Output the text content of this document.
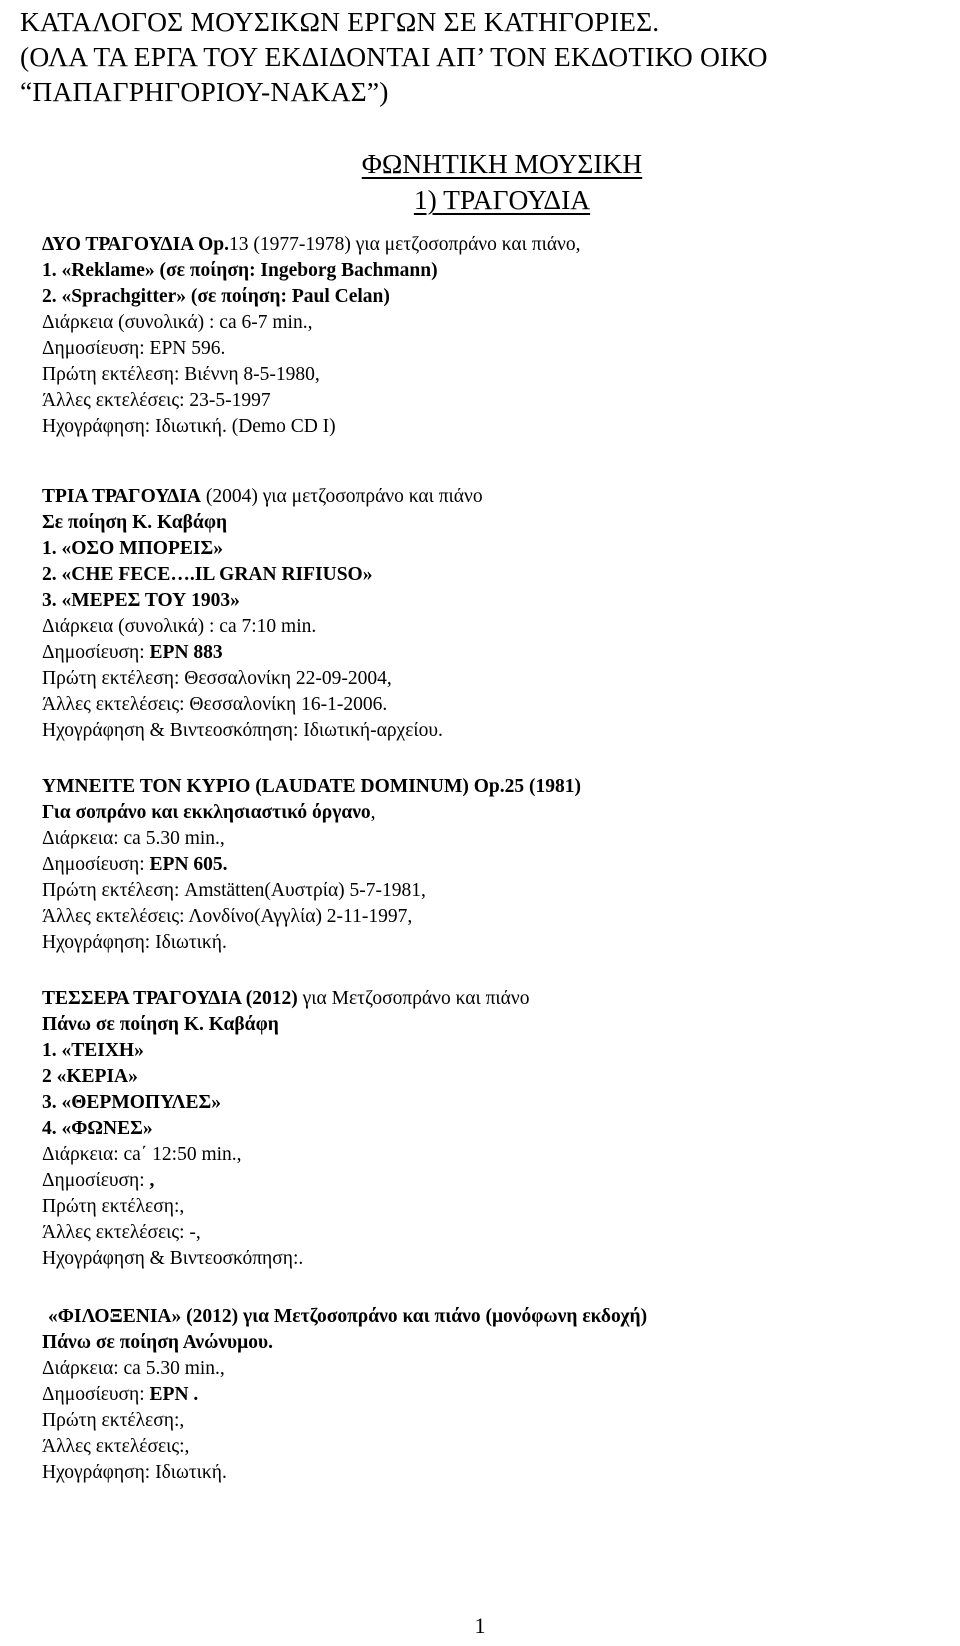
ΚΑΤΑΛΟΓΟΣ ΜΟΥΣΙΚΩΝ ΕΡΓΩΝ ΣΕ ΚΑΤΗΓΟΡΙΕΣ.
(ΟΛΑ ΤΑ ΕΡΓΑ ΤΟΥ ΕΚΔΙΔΟΝΤΑΙ ΑΠ’ ΤΟΝ ΕΚΔΟΤΙΚΟ ΟΙΚΟ
“ΠΑΠΑΓΡΗΓΟΡΙΟΥ-ΝΑΚΑΣ”)
ΦΩΝΗΤΙΚΗ ΜΟΥΣΙΚΗ
1) ΤΡΑΓΟΥΔΙΑ
ΔΥΟ ΤΡΑΓΟΥΔΙΑ Op.13 (1977-1978) για μετζοσοπράνο και πιάνο,
1. «Reklame» (σε ποίηση: Ingeborg Bachmann)
2. «Sprachgitter» (σε ποίηση: Paul Celan)
Διάρκεια (συνολικά) : ca 6-7 min.,
Δημοσίευση: EPN 596.
Πρώτη εκτέλεση: Βιέννη 8-5-1980,
Άλλες εκτελέσεις: 23-5-1997
Ηχογράφηση: Ιδιωτική. (Demo CD I)
ΤΡΙΑ ΤΡΑΓΟΥΔΙΑ (2004) για μετζοσοπράνο και πιάνο
Σε ποίηση Κ. Καβάφη
1. «ΟΣΟ ΜΠΟΡΕΙΣ»
2. «CHE FECE….IL GRAN RIFIUSO»
3. «ΜΕΡΕΣ ΤΟΥ 1903»
Διάρκεια (συνολικά) : ca 7:10 min.
Δημοσίευση: EPN 883
Πρώτη εκτέλεση: Θεσσαλονίκη 22-09-2004,
Άλλες εκτελέσεις: Θεσσαλονίκη 16-1-2006.
Ηχογράφηση & Βιντεοσκόπηση: Ιδιωτική-αρχείου.
ΥΜΝΕΙΤΕ ΤΟΝ ΚΥΡΙΟ (LAUDATE DOMINUM) Op.25 (1981)
Για σοπράνο και εκκλησιαστικό όργανο,
Διάρκεια: ca 5.30 min.,
Δημοσίευση: EPN 605.
Πρώτη εκτέλεση: Amstätten(Αυστρία) 5-7-1981,
Άλλες εκτελέσεις: Λονδίνο(Αγγλία) 2-11-1997,
Ηχογράφηση: Ιδιωτική.
ΤΕΣΣΕΡΑ ΤΡΑΓΟΥΔΙΑ (2012) για Μετζοσοπράνο και πιάνο
Πάνω σε ποίηση Κ. Καβάφη
1. «ΤΕΙΧΗ»
2 «ΚΕΡΙΑ»
3. «ΘΕΡΜΟΠΥΛΕΣ»
4. «ΦΩΝΕΣ»
Διάρκεια: ca΄ 12:50 min.,
Δημοσίευση: ,
Πρώτη εκτέλεση:,
Άλλες εκτελέσεις: -,
Ηχογράφηση & Βιντεοσκόπηση:.
«ΦΙΛΟΞΕΝΙΑ» (2012) για Μετζοσοπράνο και πιάνο (μονόφωνη εκδοχή)
Πάνω σε ποίηση Ανώνυμου.
Διάρκεια: ca 5.30 min.,
Δημοσίευση: EPN .
Πρώτη εκτέλεση:,
Άλλες εκτελέσεις:,
Ηχογράφηση: Ιδιωτική.
1
